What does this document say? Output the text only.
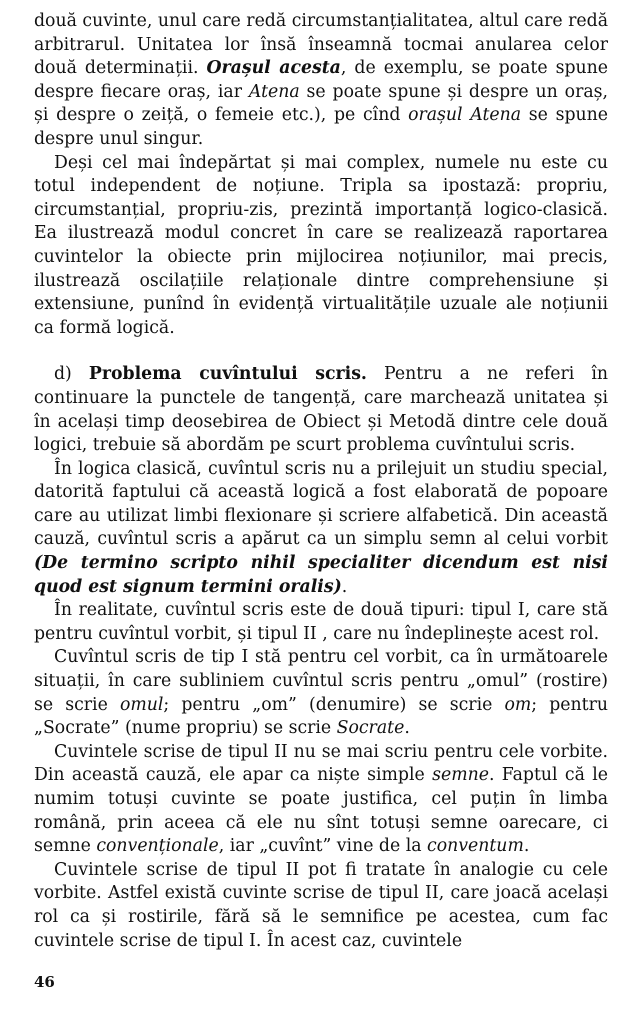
două cuvinte, unul care redă circumstanțialitatea, altul care redă arbitrarul. Unitatea lor însă înseamnă tocmai anularea celor două determinații. Orașul acesta, de exemplu, se poate spune despre fiecare oraș, iar Atena se poate spune și despre un oraș, și despre o zeiță, o femeie etc.), pe cînd orașul Atena se spune despre unul singur.

Deși cel mai îndepărtat și mai complex, numele nu este cu totul independent de noțiune. Tripla sa ipostază: propriu, circumstanțial, propriu-zis, prezintă importanță logico-clasică. Ea ilustrează modul concret în care se realizează raportarea cuvintelor la obiecte prin mijlocirea noțiunilor, mai precis, ilustrează oscilațiile relaționale dintre comprehensiune și extensiune, punînd în evidență virtualitățile uzuale ale noțiunii ca formă logică.

d) Problema cuvîntului scris. Pentru a ne referi în continuare la punctele de tangență, care marchează unitatea și în același timp deosebirea de Obiect și Metodă dintre cele două logici, trebuie să abordăm pe scurt problema cuvîntului scris.

În logica clasică, cuvîntul scris nu a prilejuit un studiu special, datorită faptului că această logică a fost elaborată de popoare care au utilizat limbi flexionare și scriere alfabetică. Din această cauză, cuvîntul scris a apărut ca un simplu semn al celui vorbit (De termino scripto nihil specialiter dicendum est nisi quod est signum termini oralis).

În realitate, cuvîntul scris este de două tipuri: tipul I, care stă pentru cuvîntul vorbit, și tipul II , care nu îndeplinește acest rol.

Cuvîntul scris de tip I stă pentru cel vorbit, ca în următoarele situații, în care subliniem cuvîntul scris pentru „omul” (rostire) se scrie omul; pentru „om” (denumire) se scrie om; pentru „Socrate” (nume propriu) se scrie Socrate.

Cuvintele scrise de tipul II nu se mai scriu pentru cele vorbite. Din această cauză, ele apar ca niște simple semne. Faptul că le numim totuși cuvinte se poate justifica, cel puțin în limba română, prin aceea că ele nu sînt totuși semne oarecare, ci semne convenționale, iar „cuvînt” vine de la conventum.

Cuvintele scrise de tipul II pot fi tratate în analogie cu cele vorbite. Astfel există cuvinte scrise de tipul II, care joacă același rol ca și rostirile, fără să le semnifice pe acestea, cum fac cuvintele scrise de tipul I. În acest caz, cuvintele

46
